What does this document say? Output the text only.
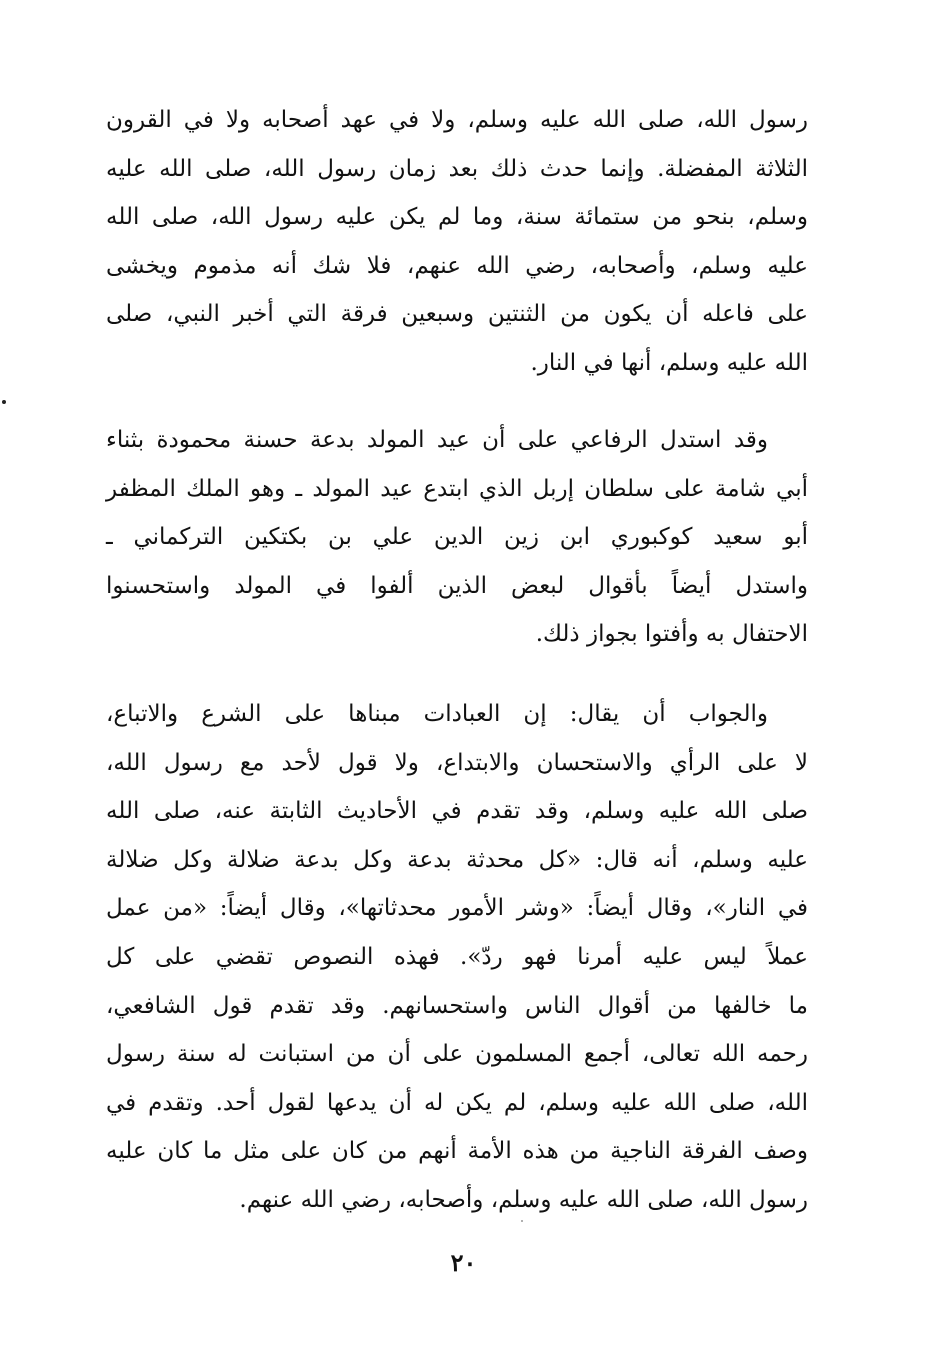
رسول الله، صلى الله عليه وسلم، ولا في عهد أصحابه ولا في القرون
الثلاثة المفضلة. وإنما حدث ذلك بعد زمان رسول الله، صلى الله عليه
وسلم، بنحو من ستمائة سنة، وما لم يكن عليه رسول الله، صلى الله
عليه وسلم، وأصحابه، رضي الله عنهم، فلا شك أنه مذموم ويخشى
على فاعله أن يكون من الثنتين وسبعين فرقة التي أخبر النبي، صلى
الله عليه وسلم، أنها في النار.
وقد استدل الرفاعي على أن عيد المولد بدعة حسنة محمودة بثناء
أبي شامة على سلطان إربل الذي ابتدع عيد المولد ـ وهو الملك المظفر
أبو سعيد كوكبوري ابن زين الدين علي بن بكتكين التركماني ـ
واستدل أيضاً بأقوال لبعض الذين ألفوا في المولد واستحسنوا
الاحتفال به وأفتوا بجواز ذلك.
والجواب أن يقال: إن العبادات مبناها على الشرع والاتباع،
لا على الرأي والاستحسان والابتداع، ولا قول لأحد مع رسول الله،
صلى الله عليه وسلم، وقد تقدم في الأحاديث الثابتة عنه، صلى الله
عليه وسلم، أنه قال: «كل محدثة بدعة وكل بدعة ضلالة وكل ضلالة
في النار»، وقال أيضاً: «وشر الأمور محدثاتها»، وقال أيضاً: «من عمل
عملاً ليس عليه أمرنا فهو ردّ». فهذه النصوص تقضي على كل
ما خالفها من أقوال الناس واستحسانهم. وقد تقدم قول الشافعي،
رحمه الله تعالى، أجمع المسلمون على أن من استبانت له سنة رسول
الله، صلى الله عليه وسلم، لم يكن له أن يدعها لقول أحد. وتقدم في
وصف الفرقة الناجية من هذه الأمة أنهم من كان على مثل ما كان عليه
رسول الله، صلى الله عليه وسلم، وأصحابه، رضي الله عنهم.
٢٠
